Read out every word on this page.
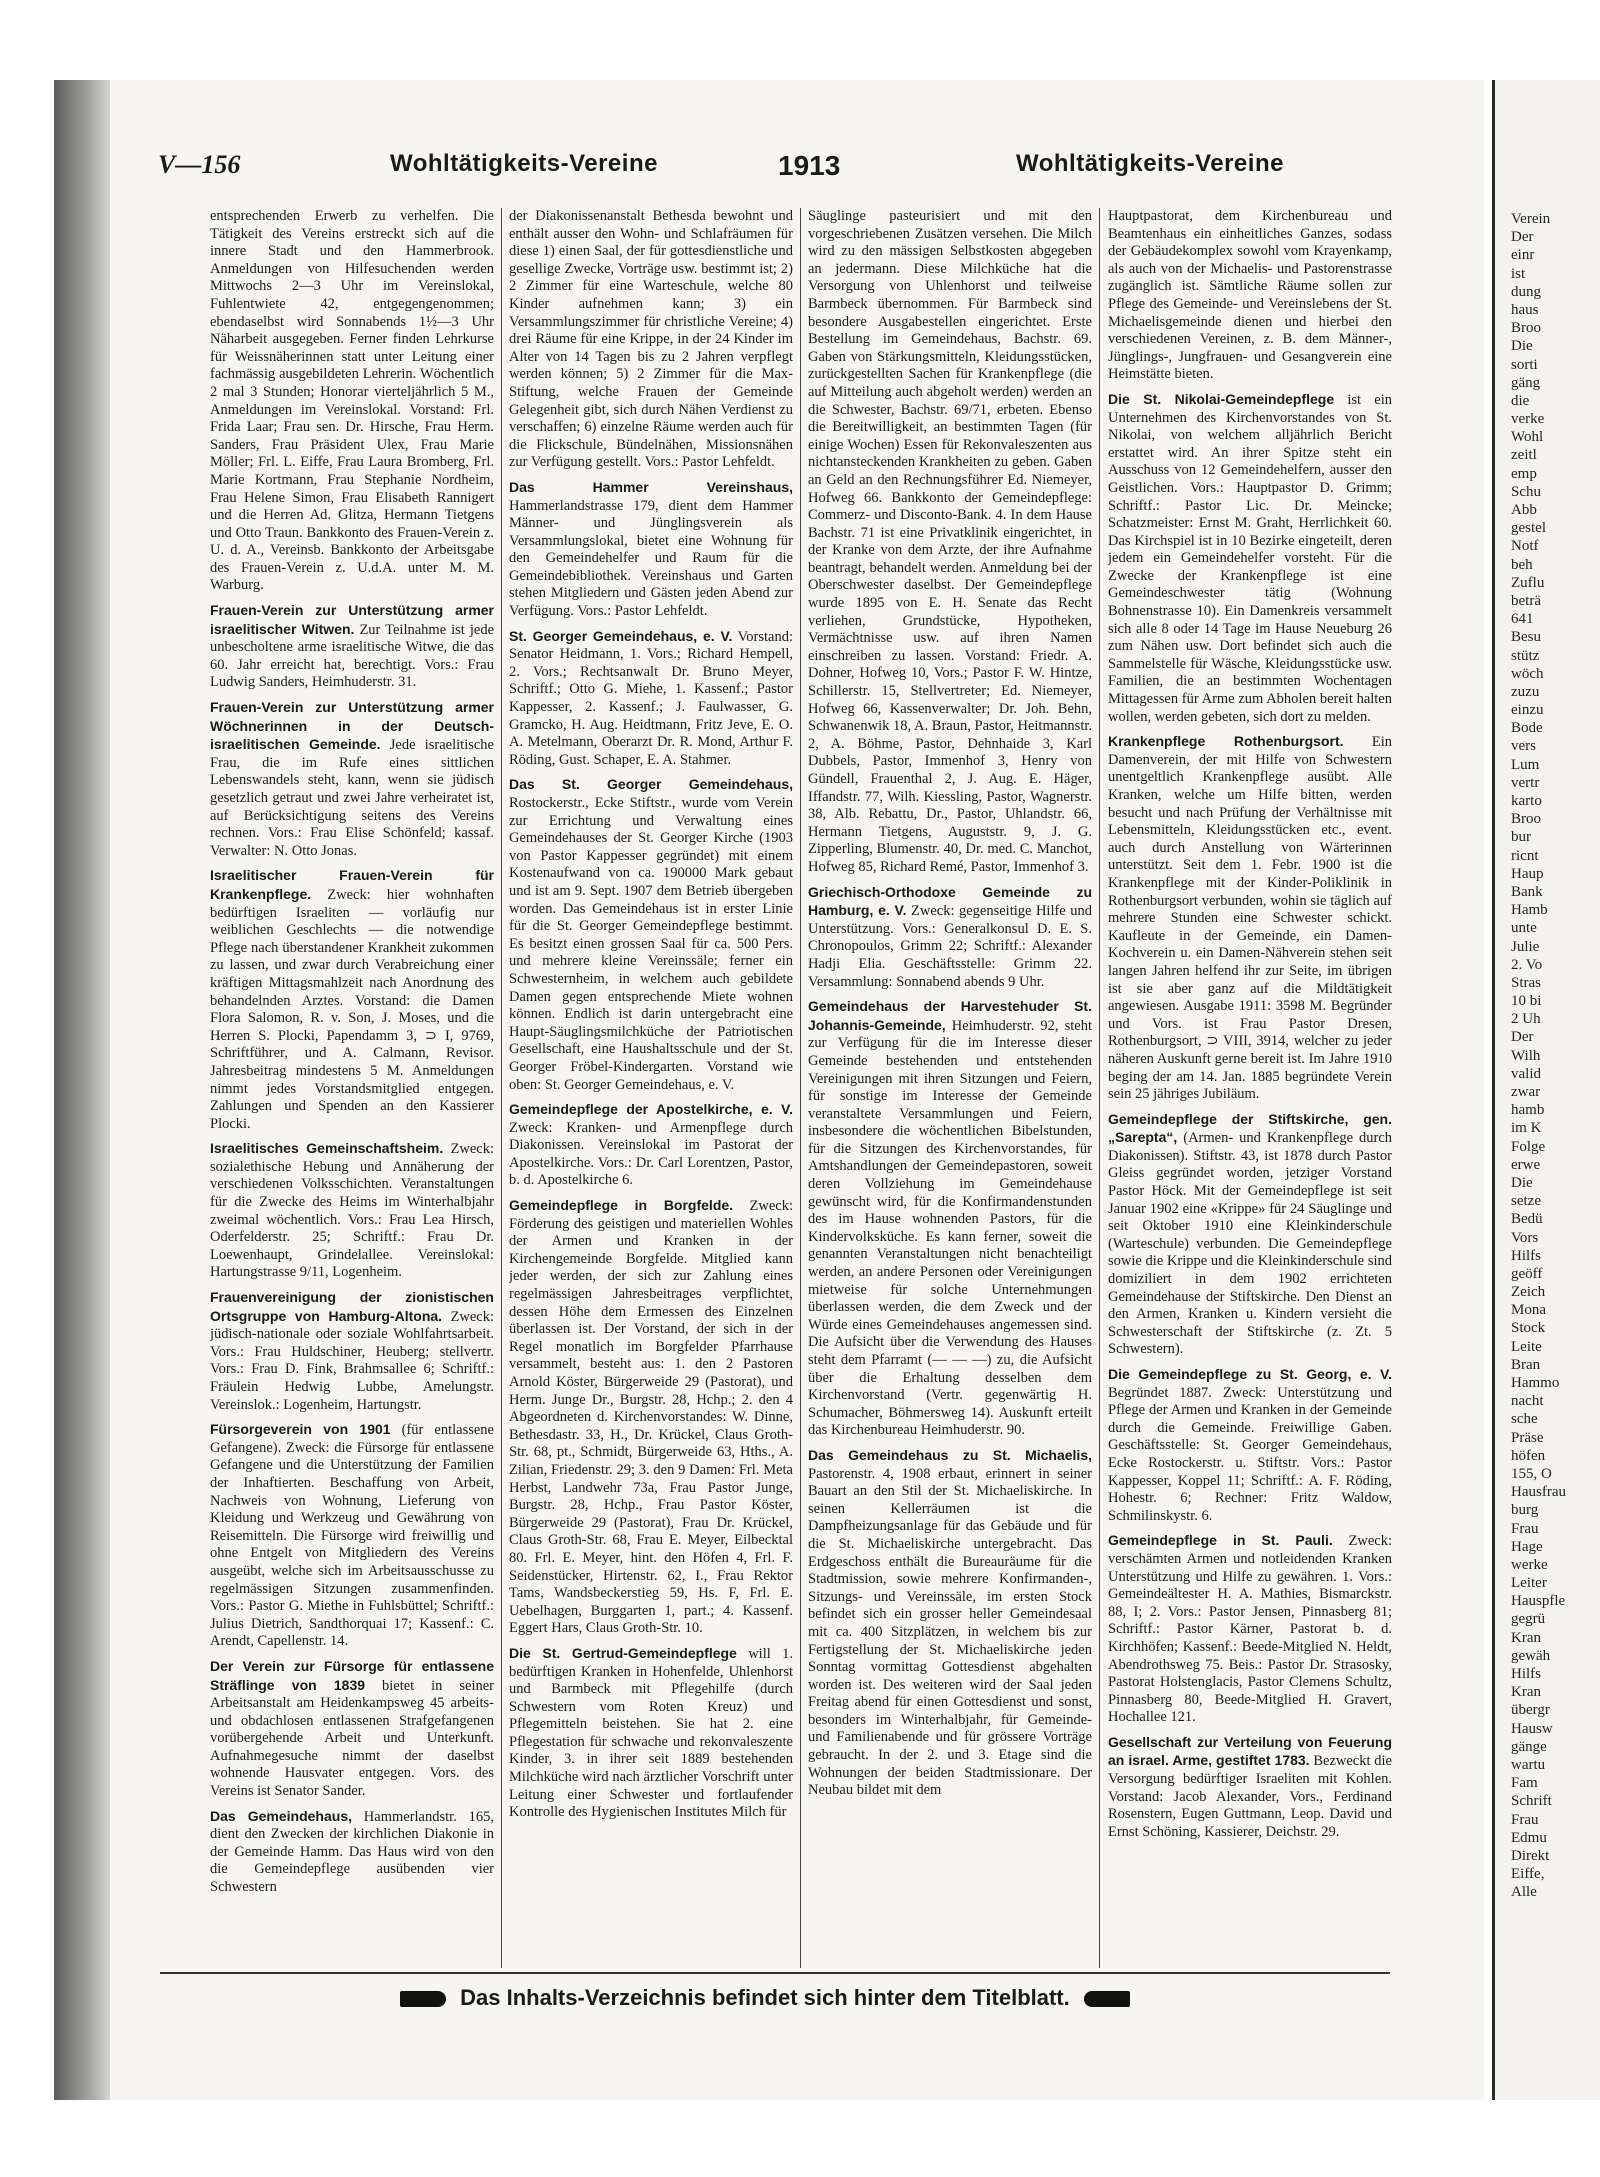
V—156	Wohltätigkeits-Vereine	1913	Wohltätigkeits-Vereine
entsprechenden Erwerb zu verhelfen. Die Tätigkeit des Vereins erstreckt sich auf die innere Stadt und den Hammerbrook. Anmeldungen von Hilfesuchenden werden Mittwochs 2—3 Uhr im Vereinslokal, Fuhlentwiete 42, entgegengenommen; ebendaselbst wird Sonnabends 1½—3 Uhr Näharbeit ausgegeben. Ferner finden Lehrkurse für Weissnäherinnen statt unter Leitung einer fachmässig ausgebildeten Lehrerin. Wöchentlich 2 mal 3 Stunden; Honorar vierteljährlich 5 M., Anmeldungen im Vereinslokal. Vorstand: Frl. Frida Laar; Frau sen. Dr. Hirsche, Frau Herm. Sanders, Frau Präsident Ulex, Frau Marie Möller; Frl. L. Eiffe, Frau Laura Bromberg, Frl. Marie Kortmann, Frau Stephanie Nordheim, Frau Helene Simon, Frau Elisabeth Rannigert und die Herren Ad. Glitza, Hermann Tietgens und Otto Traun. Bankkonto des Frauen-Verein z. U. d. A., Vereinsb. Bankkonto der Arbeitsgabe des Frauen-Verein z. U.d.A. unter M. M. Warburg.
Frauen-Verein zur Unterstützung armer israelitischer Witwen. Zur Teilnahme ist jede unbescholtene arme israelitische Witwe, die das 60. Jahr erreicht hat, berechtigt. Vors.: Frau Ludwig Sanders, Heimhuderstr. 31.
Frauen-Verein zur Unterstützung armer Wöchnerinnen in der Deutsch-israelitischen Gemeinde. Jede israelitische Frau, die im Rufe eines sittlichen Lebenswandels steht, kann, wenn sie jüdisch gesetzlich getraut und zwei Jahre verheiratet ist, auf Berücksichtigung seitens des Vereins rechnen. Vors.: Frau Elise Schönfeld; kassaf. Verwalter: N. Otto Jonas.
Israelitischer Frauen-Verein für Krankenpflege. Zweck: hier wohnhaften bedürftigen Israeliten — vorläufig nur weiblichen Geschlechts — die notwendige Pflege nach überstandener Krankheit zukommen zu lassen, und zwar durch Verabreichung einer kräftigen Mittagsmahlzeit nach Anordnung des behandelnden Arztes. Vorstand: die Damen Flora Salomon, R. v. Son, J. Moses, und die Herren S. Plocki, Papendamm 3, ⊃ I, 9769, Schriftführer, und A. Calmann, Revisor. Jahresbeitrag mindestens 5 M. Anmeldungen nimmt jedes Vorstandsmitglied entgegen. Zahlungen und Spenden an den Kassierer Plocki.
Israelitisches Gemeinschaftsheim. Zweck: sozialethische Hebung und Annäherung der verschiedenen Volksschichten. Veranstaltungen für die Zwecke des Heims im Winterhalbjahr zweimal wöchentlich. Vors.: Frau Lea Hirsch, Oderfelderstr. 25; Schriftf.: Frau Dr. Loewenhaupt, Grindelallee. Vereinslokal: Hartungstrasse 9/11, Logenheim.
Frauenvereinigung der zionistischen Ortsgruppe von Hamburg-Altona. Zweck: jüdisch-nationale oder soziale Wohlfahrtsarbeit. Vors.: Frau Huldschiner, Heuberg; stellvertr. Vors.: Frau D. Fink, Brahmsallee 6; Schriftf.: Fräulein Hedwig Lubbe, Amelungstr. Vereinslok.: Logenheim, Hartungstr.
Fürsorgeverein von 1901 (für entlassene Gefangene). Zweck: die Fürsorge für entlassene Gefangene und die Unterstützung der Familien der Inhaftierten. Beschaffung von Arbeit, Nachweis von Wohnung, Lieferung von Kleidung und Werkzeug und Gewährung von Reisemitteln. Die Fürsorge wird freiwillig und ohne Entgelt von Mitgliedern des Vereins ausgeübt, welche sich im Arbeitsausschusse zu regelmässigen Sitzungen zusammenfinden. Vors.: Pastor G. Miethe in Fuhlsbüttel; Schriftf.: Julius Dietrich, Sandthorquai 17; Kassenf.: C. Arendt, Capellenstr. 14.
Der Verein zur Fürsorge für entlassene Sträflinge von 1839 bietet in seiner Arbeitsanstalt am Heidenkampsweg 45 arbeits- und obdachlosen entlassenen Strafgefangenen vorübergehende Arbeit und Unterkunft. Aufnahmegesuche nimmt der daselbst wohnende Hausvater entgegen. Vors. des Vereins ist Senator Sander.
Das Gemeindehaus, Hammerlandstr. 165, dient den Zwecken der kirchlichen Diakonie in der Gemeinde Hamm. Das Haus wird von den die Gemeindepflege ausübenden vier Schwestern
der Diakonissenanstalt Bethesda bewohnt und enthält ausser den Wohn- und Schlafräumen für diese 1) einen Saal, der für gottesdienstliche und gesellige Zwecke, Vorträge usw. bestimmt ist; 2) 2 Zimmer für eine Warteschule, welche 80 Kinder aufnehmen kann; 3) ein Versammlungszimmer für christliche Vereine; 4) drei Räume für eine Krippe, in der 24 Kinder im Alter von 14 Tagen bis zu 2 Jahren verpflegt werden können; 5) 2 Zimmer für die Max-Stiftung, welche Frauen der Gemeinde Gelegenheit gibt, sich durch Nähen Verdienst zu verschaffen; 6) einzelne Räume werden auch für die Flickschule, Bündelnähen, Missionsnähen zur Verfügung gestellt. Vors.: Pastor Lehfeldt.
Das Hammer Vereinshaus, Hammerlandstrasse 179, dient dem Hammer Männer- und Jünglingsverein als Versammlungslokal, bietet eine Wohnung für den Gemeindehelfer und Raum für die Gemeindebibliothek. Vereinshaus und Garten stehen Mitgliedern und Gästen jeden Abend zur Verfügung. Vors.: Pastor Lehfeldt.
St. Georger Gemeindehaus, e. V. Vorstand: Senator Heidmann, 1. Vors.; Richard Hempell, 2. Vors.; Rechtsanwalt Dr. Bruno Meyer, Schriftf.; Otto G. Miehe, 1. Kassenf.; Pastor Kappesser, 2. Kassenf.; J. Faulwasser, G. Gramcko, H. Aug. Heidtmann, Fritz Jeve, E. O. A. Metelmann, Oberarzt Dr. R. Mond, Arthur F. Röding, Gust. Schaper, E. A. Stahmer.
Das St. Georger Gemeindehaus, Rostockerstr., Ecke Stiftstr., wurde vom Verein zur Errichtung und Verwaltung eines Gemeindehauses der St. Georger Kirche (1903 von Pastor Kappesser gegründet) mit einem Kostenaufwand von ca. 190000 Mark gebaut und ist am 9. Sept. 1907 dem Betrieb übergeben worden. Das Gemeindehaus ist in erster Linie für die St. Georger Gemeindepflege bestimmt. Es besitzt einen grossen Saal für ca. 500 Pers. und mehrere kleine Vereinssäle; ferner ein Schwesternheim, in welchem auch gebildete Damen gegen entsprechende Miete wohnen können. Endlich ist darin untergebracht eine Haupt-Säuglingsmilchküche der Patriotischen Gesellschaft, eine Haushaltsschule und der St. Georger Fröbel-Kindergarten. Vorstand wie oben: St. Georger Gemeindehaus, e. V.
Gemeindepflege der Apostelkirche, e. V. Zweck: Kranken- und Armenpflege durch Diakonissen. Vereinslokal im Pastorat der Apostelkirche. Vors.: Dr. Carl Lorentzen, Pastor, b. d. Apostelkirche 6.
Gemeindepflege in Borgfelde. Zweck: Förderung des geistigen und materiellen Wohles der Armen und Kranken in der Kirchengemeinde Borgfelde. Mitglied kann jeder werden, der sich zur Zahlung eines regelmässigen Jahresbeitrages verpflichtet, dessen Höhe dem Ermessen des Einzelnen überlassen ist. Der Vorstand, der sich in der Regel monatlich im Borgfelder Pfarrhause versammelt, besteht aus: 1. den 2 Pastoren Arnold Köster, Bürgerweide 29 (Pastorat), und Herm. Junge Dr., Burgstr. 28, Hchp.; 2. den 4 Abgeordneten d. Kirchenvorstandes: W. Dinne, Bethesdastr. 33, H., Dr. Krückel, Claus Groth-Str. 68, pt., Schmidt, Bürgerweide 63, Hths., A. Zilian, Friedenstr. 29; 3. den 9 Damen: Frl. Meta Herbst, Landwehr 73a, Frau Pastor Junge, Burgstr. 28, Hchp., Frau Pastor Köster, Bürgerweide 29 (Pastorat), Frau Dr. Krückel, Claus Groth-Str. 68, Frau E. Meyer, Eilbecktal 80. Frl. E. Meyer, hint. den Höfen 4, Frl. F. Seidenstücker, Hirtenstr. 62, I., Frau Rektor Tams, Wandsbeckerstieg 59, Hs. F, Frl. E. Uebelhagen, Burggarten 1, part.; 4. Kassenf. Eggert Hars, Claus Groth-Str. 10.
Die St. Gertrud-Gemeindepflege will 1. bedürftigen Kranken in Hohenfelde, Uhlenhorst und Barmbeck mit Pflegehilfe (durch Schwestern vom Roten Kreuz) und Pflegemitteln beistehen. Sie hat 2. eine Pflegestation für schwache und rekonvaleszente Kinder, 3. in ihrer seit 1889 bestehenden Milchküche wird nach ärztlicher Vorschrift unter Leitung einer Schwester und fortlaufender Kontrolle des Hygienischen Institutes Milch für
Säuglinge pasteurisiert und mit den vorgeschriebenen Zusätzen versehen. Die Milch wird zu den mässigen Selbstkosten abgegeben an jedermann. Diese Milchküche hat die Versorgung von Uhlenhorst und teilweise Barmbeck übernommen. Für Barmbeck sind besondere Ausgabestellen eingerichtet. Erste Bestellung im Gemeindehaus, Bachstr. 69. Gaben von Stärkungsmitteln, Kleidungsstücken, zurückgestellten Sachen für Krankenpflege (die auf Mitteilung auch abgeholt werden) werden an die Schwester, Bachstr. 69/71, erbeten. Ebenso die Bereitwilligkeit, an bestimmten Tagen (für einige Wochen) Essen für Rekonvaleszenten aus nichtansteckenden Krankheiten zu geben. Gaben an Geld an den Rechnungsführer Ed. Niemeyer, Hofweg 66. Bankkonto der Gemeindepflege: Commerz- und Disconto-Bank. 4. In dem Hause Bachstr. 71 ist eine Privatklinik eingerichtet, in der Kranke von dem Arzte, der ihre Aufnahme beantragt, behandelt werden. Anmeldung bei der Oberschwester daselbst. Der Gemeindepflege wurde 1895 von E. H. Senate das Recht verliehen, Grundstücke, Hypotheken, Vermächtnisse usw. auf ihren Namen einschreiben zu lassen. Vorstand: Friedr. A. Dohner, Hofweg 10, Vors.; Pastor F. W. Hintze, Schillerstr. 15, Stellvertreter; Ed. Niemeyer, Hofweg 66, Kassenverwalter; Dr. Joh. Behn, Schwanenwik 18, A. Braun, Pastor, Heitmannstr. 2, A. Böhme, Pastor, Dehnhaide 3, Karl Dubbels, Pastor, Immenhof 3, Henry von Gündell, Frauenthal 2, J. Aug. E. Häger, Iffandstr. 77, Wilh. Kiessling, Pastor, Wagnerstr. 38, Alb. Rebattu, Dr., Pastor, Uhlandstr. 66, Hermann Tietgens, Auguststr. 9, J. G. Zipperling, Blumenstr. 40, Dr. med. C. Manchot, Hofweg 85, Richard Remé, Pastor, Immenhof 3.
Griechisch-Orthodoxe Gemeinde zu Hamburg, e. V. Zweck: gegenseitige Hilfe und Unterstützung. Vors.: Generalkonsul D. E. S. Chronopoulos, Grimm 22; Schriftf.: Alexander Hadji Elia. Geschäftsstelle: Grimm 22. Versammlung: Sonnabend abends 9 Uhr.
Gemeindehaus der Harvestehuder St. Johannis-Gemeinde, Heimhuderstr. 92, steht zur Verfügung für die im Interesse dieser Gemeinde bestehenden und entstehenden Vereinigungen mit ihren Sitzungen und Feiern, für sonstige im Interesse der Gemeinde veranstaltete Versammlungen und Feiern, insbesondere die wöchentlichen Bibelstunden, für die Sitzungen des Kirchenvorstandes, für Amtshandlungen der Gemeindepastoren, soweit deren Vollziehung im Gemeindehause gewünscht wird, für die Konfirmandenstunden des im Hause wohnenden Pastors, für die Kindervolksküche. Es kann ferner, soweit die genannten Veranstaltungen nicht benachteiligt werden, an andere Personen oder Vereinigungen mietweise für solche Unternehmungen überlassen werden, die dem Zweck und der Würde eines Gemeindehauses angemessen sind. Die Aufsicht über die Verwendung des Hauses steht dem Pfarramt (— — —) zu, die Aufsicht über die Erhaltung desselben dem Kirchenvorstand (Vertr. gegenwärtig H. Schumacher, Böhmersweg 14). Auskunft erteilt das Kirchenbureau Heimhuderstr. 90.
Das Gemeindehaus zu St. Michaelis, Pastorenstr. 4, 1908 erbaut, erinnert in seiner Bauart an den Stil der St. Michaeliskirche. In seinen Kellerräumen ist die Dampfheizungsanlage für das Gebäude und für die St. Michaeliskirche untergebracht. Das Erdgeschoss enthält die Bureauräume für die Stadtmission, sowie mehrere Konfirmanden-, Sitzungs- und Vereinssäle, im ersten Stock befindet sich ein grosser heller Gemeindesaal mit ca. 400 Sitzplätzen, in welchem bis zur Fertigstellung der St. Michaeliskirche jeden Sonntag vormittag Gottesdienst abgehalten worden ist. Des weiteren wird der Saal jeden Freitag abend für einen Gottesdienst und sonst, besonders im Winterhalbjahr, für Gemeinde- und Familienabende und für grössere Vorträge gebraucht. In der 2. und 3. Etage sind die Wohnungen der beiden Stadtmissionare. Der Neubau bildet mit dem
Hauptpastorat, dem Kirchenbureau und Beamtenhaus ein einheitliches Ganzes, sodass der Gebäudekomplex sowohl vom Krayenkamp, als auch von der Michaelis- und Pastorenstrasse zugänglich ist. Sämtliche Räume sollen zur Pflege des Gemeinde- und Vereinslebens der St. Michaelisgemeinde dienen und hierbei den verschiedenen Vereinen, z. B. dem Männer-, Jünglings-, Jungfrauen- und Gesangverein eine Heimstätte bieten.
Die St. Nikolai-Gemeindepflege ist ein Unternehmen des Kirchenvorstandes von St. Nikolai, von welchem alljährlich Bericht erstattet wird. An ihrer Spitze steht ein Ausschuss von 12 Gemeindehelfern, ausser den Geistlichen. Vors.: Hauptpastor D. Grimm; Schriftf.: Pastor Lic. Dr. Meincke; Schatzmeister: Ernst M. Graht, Herrlichkeit 60. Das Kirchspiel ist in 10 Bezirke eingeteilt, deren jedem ein Gemeindehelfer vorsteht. Für die Zwecke der Krankenpflege ist eine Gemeindeschwester tätig (Wohnung Bohnenstrasse 10). Ein Damenkreis versammelt sich alle 8 oder 14 Tage im Hause Neueburg 26 zum Nähen usw. Dort befindet sich auch die Sammelstelle für Wäsche, Kleidungsstücke usw. Familien, die an bestimmten Wochentagen Mittagessen für Arme zum Abholen bereit halten wollen, werden gebeten, sich dort zu melden.
Krankenpflege Rothenburgsort. Ein Damenverein, der mit Hilfe von Schwestern unentgeltlich Krankenpflege ausübt. Alle Kranken, welche um Hilfe bitten, werden besucht und nach Prüfung der Verhältnisse mit Lebensmitteln, Kleidungsstücken etc., event. auch durch Anstellung von Wärterinnen unterstützt. Seit dem 1. Febr. 1900 ist die Krankenpflege mit der Kinder-Poliklinik in Rothenburgsort verbunden, wohin sie täglich auf mehrere Stunden eine Schwester schickt. Kaufleute in der Gemeinde, ein Damen-Kochverein u. ein Damen-Nähverein stehen seit langen Jahren helfend ihr zur Seite, im übrigen ist sie aber ganz auf die Mildtätigkeit angewiesen. Ausgabe 1911: 3598 M. Begründer und Vors. ist Frau Pastor Dresen, Rothenburgsort, ⊃ VIII, 3914, welcher zu jeder näheren Auskunft gerne bereit ist. Im Jahre 1910 beging der am 14. Jan. 1885 begründete Verein sein 25 jähriges Jubiläum.
Gemeindepflege der Stiftskirche, gen. „Sarepta“, (Armen- und Krankenpflege durch Diakonissen). Stiftstr. 43, ist 1878 durch Pastor Gleiss gegründet worden, jetziger Vorstand Pastor Höck. Mit der Gemeindepflege ist seit Januar 1902 eine «Krippe» für 24 Säuglinge und seit Oktober 1910 eine Kleinkinderschule (Warteschule) verbunden. Die Gemeindepflege sowie die Krippe und die Kleinkinderschule sind domiziliert in dem 1902 errichteten Gemeindehause der Stiftskirche. Den Dienst an den Armen, Kranken u. Kindern versieht die Schwesterschaft der Stiftskirche (z. Zt. 5 Schwestern).
Die Gemeindepflege zu St. Georg, e. V. Begründet 1887. Zweck: Unterstützung und Pflege der Armen und Kranken in der Gemeinde durch die Gemeinde. Freiwillige Gaben. Geschäftsstelle: St. Georger Gemeindehaus, Ecke Rostockerstr. u. Stiftstr. Vors.: Pastor Kappesser, Koppel 11; Schriftf.: A. F. Röding, Hohestr. 6; Rechner: Fritz Waldow, Schmilinskystr. 6.
Gemeindepflege in St. Pauli. Zweck: verschämten Armen und notleidenden Kranken Unterstützung und Hilfe zu gewähren. 1. Vors.: Gemeindeältester H. A. Mathies, Bismarckstr. 88, I; 2. Vors.: Pastor Jensen, Pinnasberg 81; Schriftf.: Pastor Kärner, Pastorat b. d. Kirchhöfen; Kassenf.: Beede-Mitglied N. Heldt, Abendrothsweg 75. Beis.: Pastor Dr. Strasosky, Pastorat Holstenglacis, Pastor Clemens Schultz, Pinnasberg 80, Beede-Mitglied H. Gravert, Hochallee 121.
Gesellschaft zur Verteilung von Feuerung an israel. Arme, gestiftet 1783. Bezweckt die Versorgung bedürftiger Israeliten mit Kohlen. Vorstand: Jacob Alexander, Vors., Ferdinand Rosenstern, Eugen Guttmann, Leop. David und Ernst Schöning, Kassierer, Deichstr. 29.
Das Inhalts-Verzeichnis befindet sich hinter dem Titelblatt.
Verein
Der
einr
ist
dung
haus
Broo
Die
sorti
gäng
die
verke
Wohl
zeitl
emp
Schu
Abb
gestel
Notf
beh
Zuflu
beträ
641
Besu
stütz
wöch
zuzu
einzu
Bode
vers
Lum
vertr
karto
Broo
bur
ricnt
Haup
Bank
Hamb
unte
Julie
2. Vo
Stras
10 bi
2 Uh
Der
Wilh
valid
zwar
hamb
im K
Folge
erwe
Die
setze
Bedü
Vors
Hilfs
geöff
Zeich
Mona
Stock
Leite
Bran
Hammo
nacht
sche
Präse
höfen
155, O
Hausfrau
burg
Frau
Hage
werke
Leiter
Hauspfle
gegrü
Kran
gewäh
Hilfs
Kran
übergr
Hausw
gänge
wartu
Fam
Schrift
Frau
Edmu
Direkt
Eiffe,
Alle
